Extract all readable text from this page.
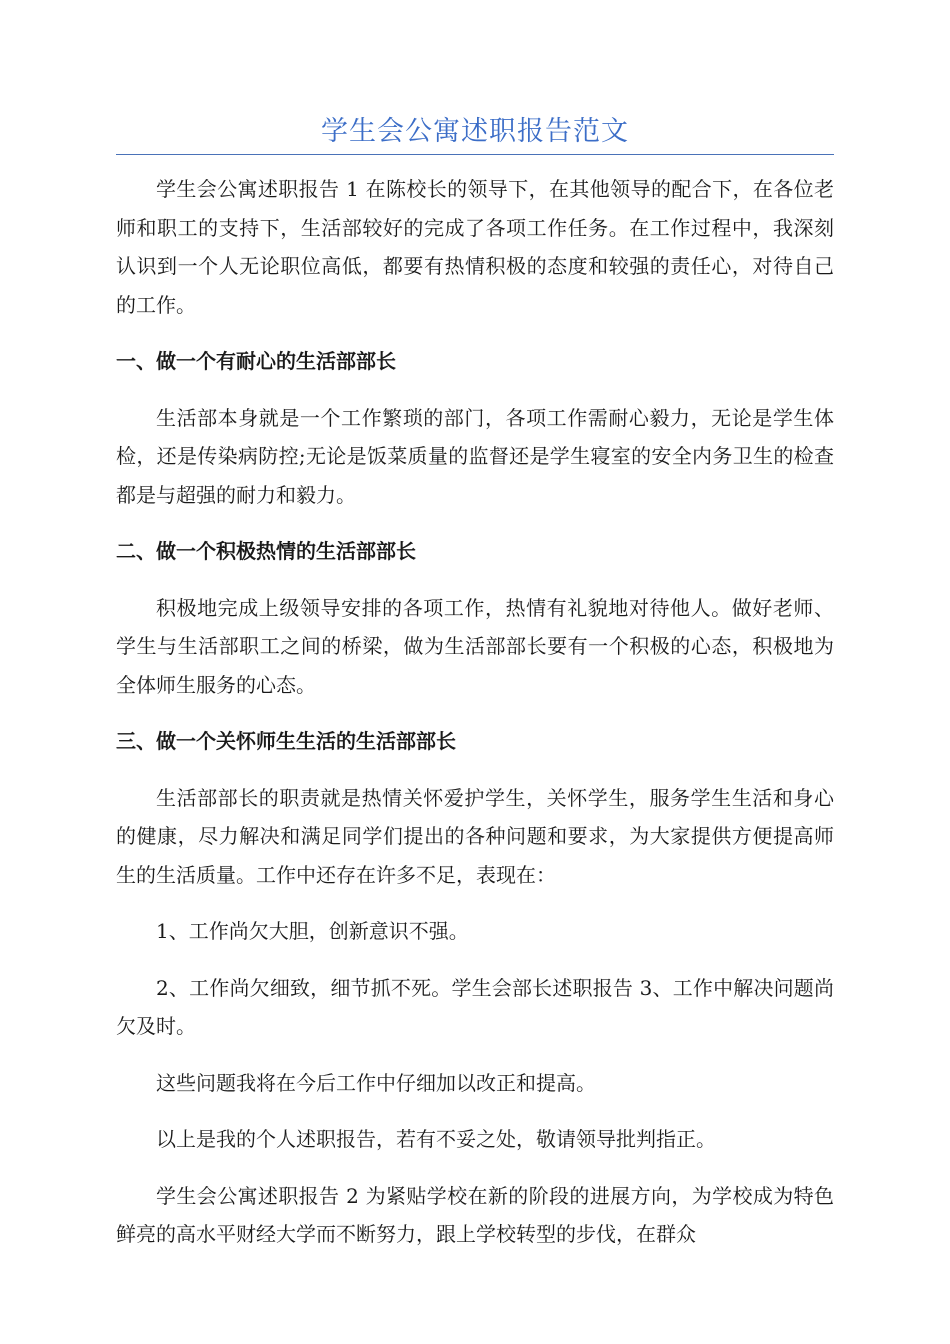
学生会公寓述职报告范文

学生会公寓述职报告 1 在陈校长的领导下，在其他领导的配合下，在各位老师和职工的支持下，生活部较好的完成了各项工作任务。在工作过程中，我深刻认识到一个人无论职位高低，都要有热情积极的态度和较强的责任心，对待自己的工作。

一、做一个有耐心的生活部部长

生活部本身就是一个工作繁琐的部门，各项工作需耐心毅力，无论是学生体检，还是传染病防控;无论是饭菜质量的监督还是学生寝室的安全内务卫生的检查都是与超强的耐力和毅力。

二、做一个积极热情的生活部部长

积极地完成上级领导安排的各项工作，热情有礼貌地对待他人。做好老师、学生与生活部职工之间的桥梁，做为生活部部长要有一个积极的心态，积极地为全体师生服务的心态。

三、做一个关怀师生生活的生活部部长

生活部部长的职责就是热情关怀爱护学生，关怀学生，服务学生生活和身心的健康，尽力解决和满足同学们提出的各种问题和要求，为大家提供方便提高师生的生活质量。工作中还存在许多不足，表现在：

1、工作尚欠大胆，创新意识不强。

2、工作尚欠细致，细节抓不死。学生会部长述职报告 3、工作中解决问题尚欠及时。

这些问题我将在今后工作中仔细加以改正和提高。

以上是我的个人述职报告，若有不妥之处，敬请领导批判指正。

学生会公寓述职报告 2 为紧贴学校在新的阶段的进展方向，为学校成为特色鲜亮的高水平财经大学而不断努力，跟上学校转型的步伐，在群众
